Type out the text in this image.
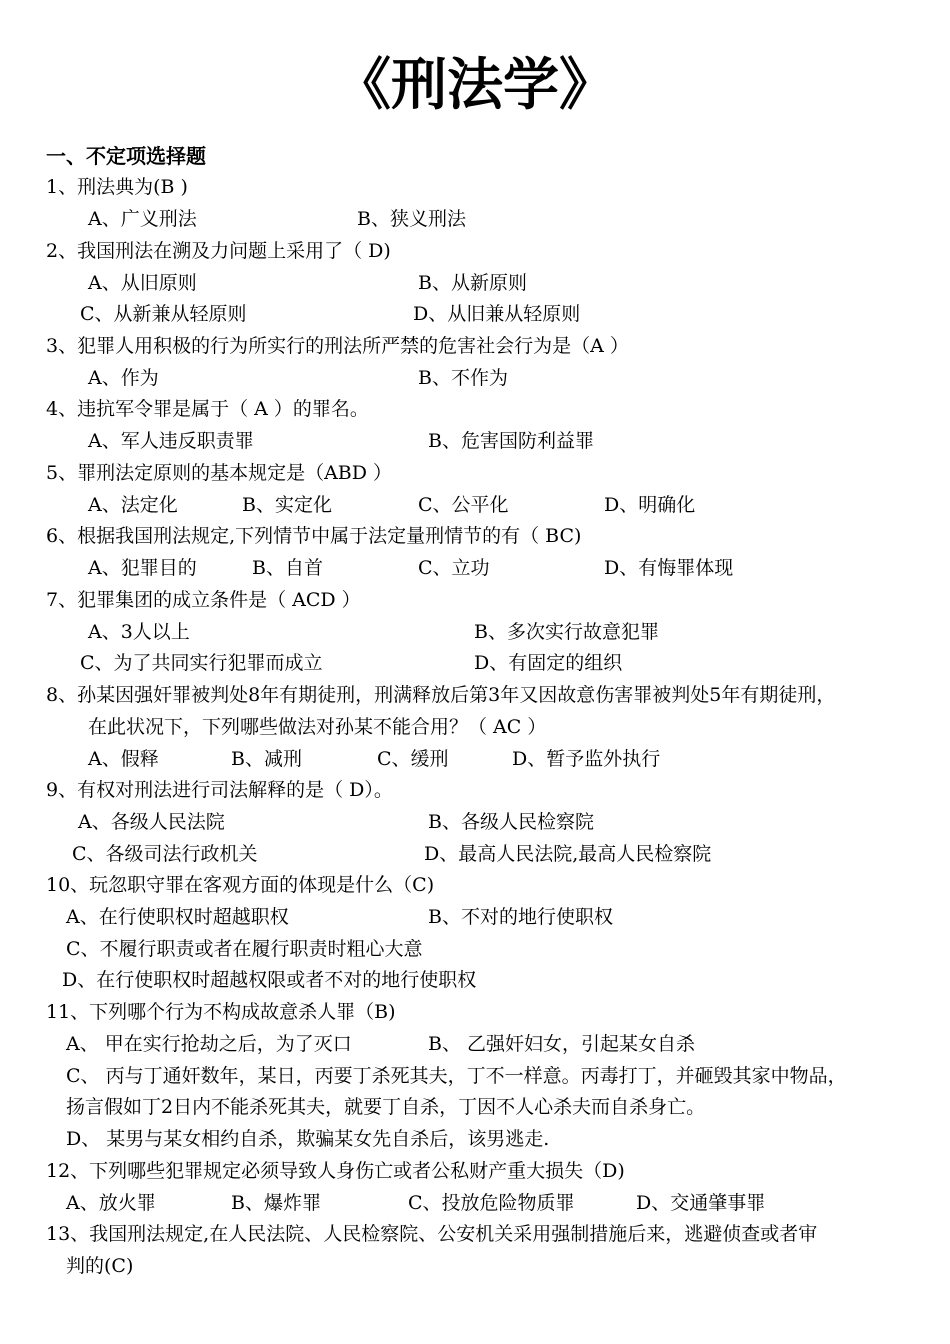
《刑法学》
一、不定项选择题
1、刑法典为(B )
A、广义刑法	B、狭义刑法
2、我国刑法在溯及力问题上采用了（ D)
A、从旧原则	B、从新原则
C、从新兼从轻原则	D、从旧兼从轻原则
3、犯罪人用积极的行为所实行的刑法所严禁的危害社会行为是（A ）
A、作为	B、不作为
4、违抗军令罪是属于（ A ）的罪名。
A、军人违反职责罪	B、危害国防利益罪
5、罪刑法定原则的基本规定是（ABD ）
A、法定化	B、实定化	C、公平化	D、明确化
6、根据我国刑法规定,下列情节中属于法定量刑情节的有（ BC)
A、犯罪目的	B、自首	C、立功	D、有悔罪体现
7、犯罪集团的成立条件是（ ACD ）
A、3人以上	B、多次实行故意犯罪
C、为了共同实行犯罪而成立	D、有固定的组织
8、孙某因强奸罪被判处8年有期徒刑，刑满释放后第3年又因故意伤害罪被判处5年有期徒刑，
在此状况下，下列哪些做法对孙某不能合用？（ AC ）
A、假释	B、减刑	C、缓刑	D、暂予监外执行
9、有权对刑法进行司法解释的是（ D）。
A、各级人民法院	B、各级人民检察院
C、各级司法行政机关	D、最高人民法院,最高人民检察院
10、玩忽职守罪在客观方面的体现是什么（C)
A、在行使职权时超越职权	B、不对的地行使职权
C、不履行职责或者在履行职责时粗心大意
D、在行使职权时超越权限或者不对的地行使职权
11、下列哪个行为不构成故意杀人罪（B)
A、 甲在实行抢劫之后，为了灭口	B、 乙强奸妇女，引起某女自杀
C、 丙与丁通奸数年，某日，丙要丁杀死其夫，丁不一样意。丙毒打丁，并砸毁其家中物品，
扬言假如丁2日内不能杀死其夫，就要丁自杀，丁因不人心杀夫而自杀身亡。
D、 某男与某女相约自杀，欺骗某女先自杀后，该男逃走.
12、下列哪些犯罪规定必须导致人身伤亡或者公私财产重大损失（D)
A、放火罪	B、爆炸罪	C、投放危险物质罪	D、交通肇事罪
13、我国刑法规定,在人民法院、人民检察院、公安机关采用强制措施后来，逃避侦查或者审
判的(C)
